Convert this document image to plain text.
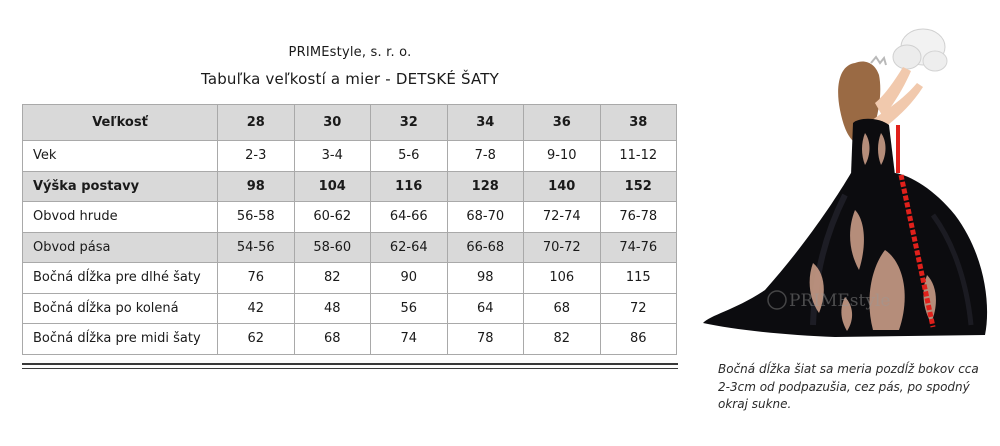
PRIMEstyle, s. r. o.
Tabuľka veľkostí a mier - DETSKÉ ŠATY
Veľkosť	28	30	32	34	36	38
Vek	2-3	3-4	5-6	7-8	9-10	11-12
Výška postavy	98	104	116	128	140	152
Obvod hrude	56-58	60-62	64-66	68-70	72-74	76-78
Obvod pása	54-56	58-60	62-64	66-68	70-72	74-76
Bočná dĺžka pre dlhé šaty	76	82	90	98	106	115
Bočná dĺžka po kolená	42	48	56	64	68	72
Bočná dĺžka pre midi šaty	62	68	74	78	82	86
PRIMEstyle
Bočná dĺžka šiat sa meria pozdĺž bokov cca 2-3cm od podpazušia, cez pás, po spodný okraj sukne.
